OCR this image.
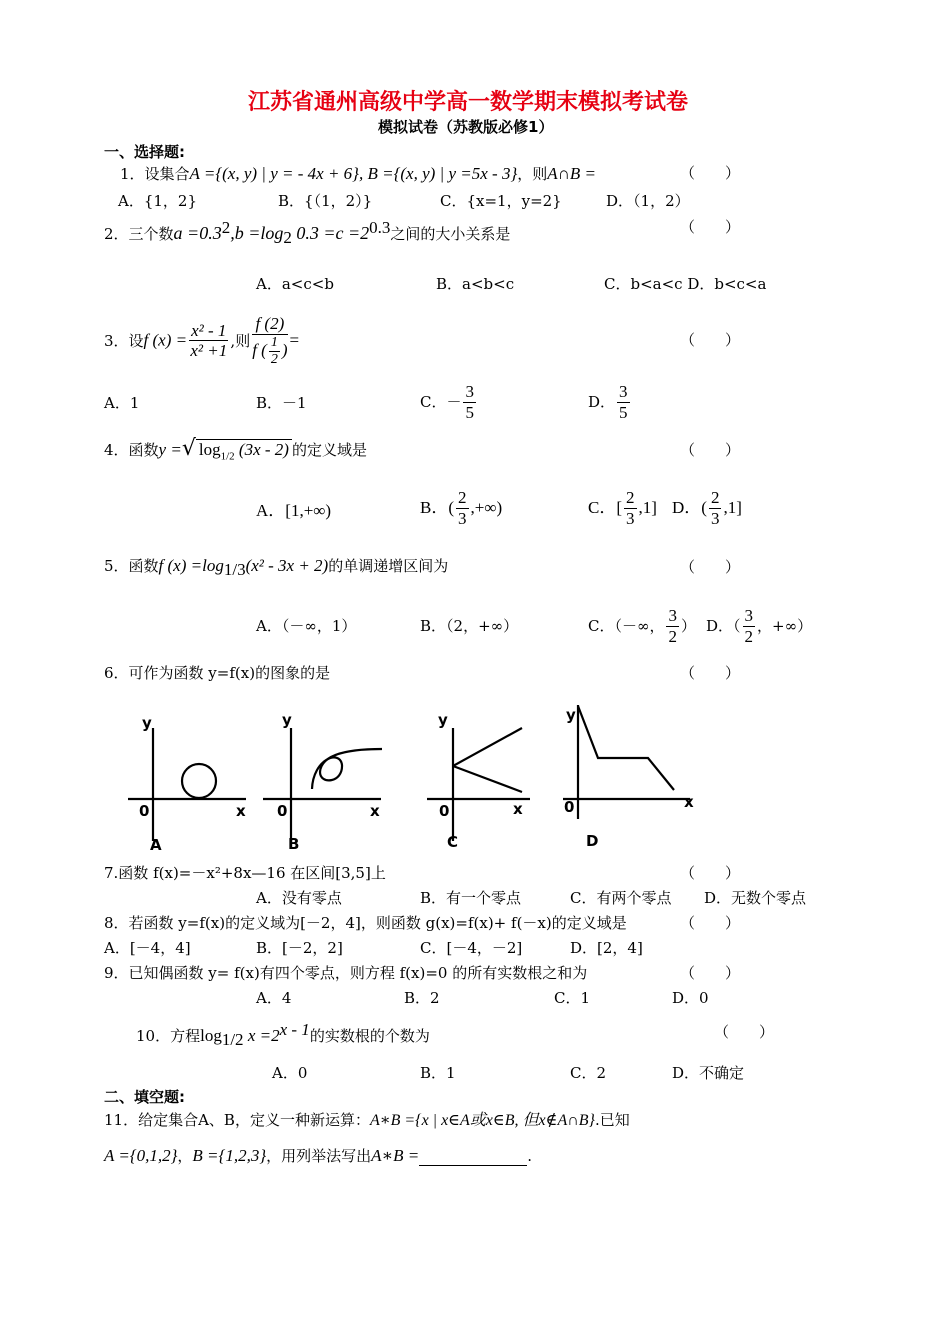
江苏省通州高级中学高一数学期末模拟考试卷
模拟试卷（苏教版必修1）
一、选择题:
1．设集合A ={(x, y) | y = - 4x + 6}, B ={(x, y) | y =5x - 3}，则A∩B =	（　　）
A．{1，2}	B．{（1，2）}	C．{x=1，y=2}	D．（1，2）
2．三个数$a =0.3^2,b =\log_2$ $0.3 =c =2^{0.3}$之间的大小关系是	（　　）
A．a<c<b	B．a<b<c	C．b<a<c D．b<c<a
3．设f $(x) = \frac{\text{x² - 1}}{\text{x² +1}}$ ,则 $\frac{f (2)}{f ( \frac{1}{2} )}$ =	（　　）
A．1	B．－1	C．－ $\frac{3}{5}$	D． $\frac{3}{5}$
4．函数y =√ $\log_{1/2} (3x - 2)$ 的定义域是	（　　）
A．[1,+∞)	B．( $\frac{2}{3}$ ,+∞)	C．[ $\frac{2}{3} ,1$] D．( $\frac{2}{3} ,1$]
5．函数f $(x) =\log_{1/3}(x^2 - 3x + 2)$的单调递增区间为	（　　）
A．（－∞，1）	B．（2，+∞）	C．（－∞， $\frac{3}{2}$ ） D．（ $\frac{3}{2}$ ，+∞）
6．可作为函数 y=f(x)的图象的是	（　　）
y
0	x
y
0	x
y
0	x
y
0	x
A	B	C	D
7.函数 f(x)=－x²+8x—16 在区间[3,5]上	（　　）
A．没有零点	B．有一个零点	C．有两个零点 D．无数个零点
8．若函数 y=f(x)的定义域为[－2，4]，则函数 g(x)=f(x)+ f(－x)的定义域是	（　　）
A．[－4，4]	B．[－2，2]	C．[－4，－2]	D．[2，4]
9．已知偶函数 y= f(x)有四个零点，则方程 f(x)=0 的所有实数根之和为	（　　）
A．4	B．2	C．1	D．0
10．方程$\log_{1/2} x =2^{x - 1}$的实数根的个数为	（　　）
A．0	B．1	C．2	D．不确定
二、填空题:
11．给定集合A、B，定义一种新运算：A∗B ={x | x∈A或x∈B, 但x∉A∩B}.已知
A ={0,1,2}，B ={1,2,3}，用列举法写出A∗B =	.
